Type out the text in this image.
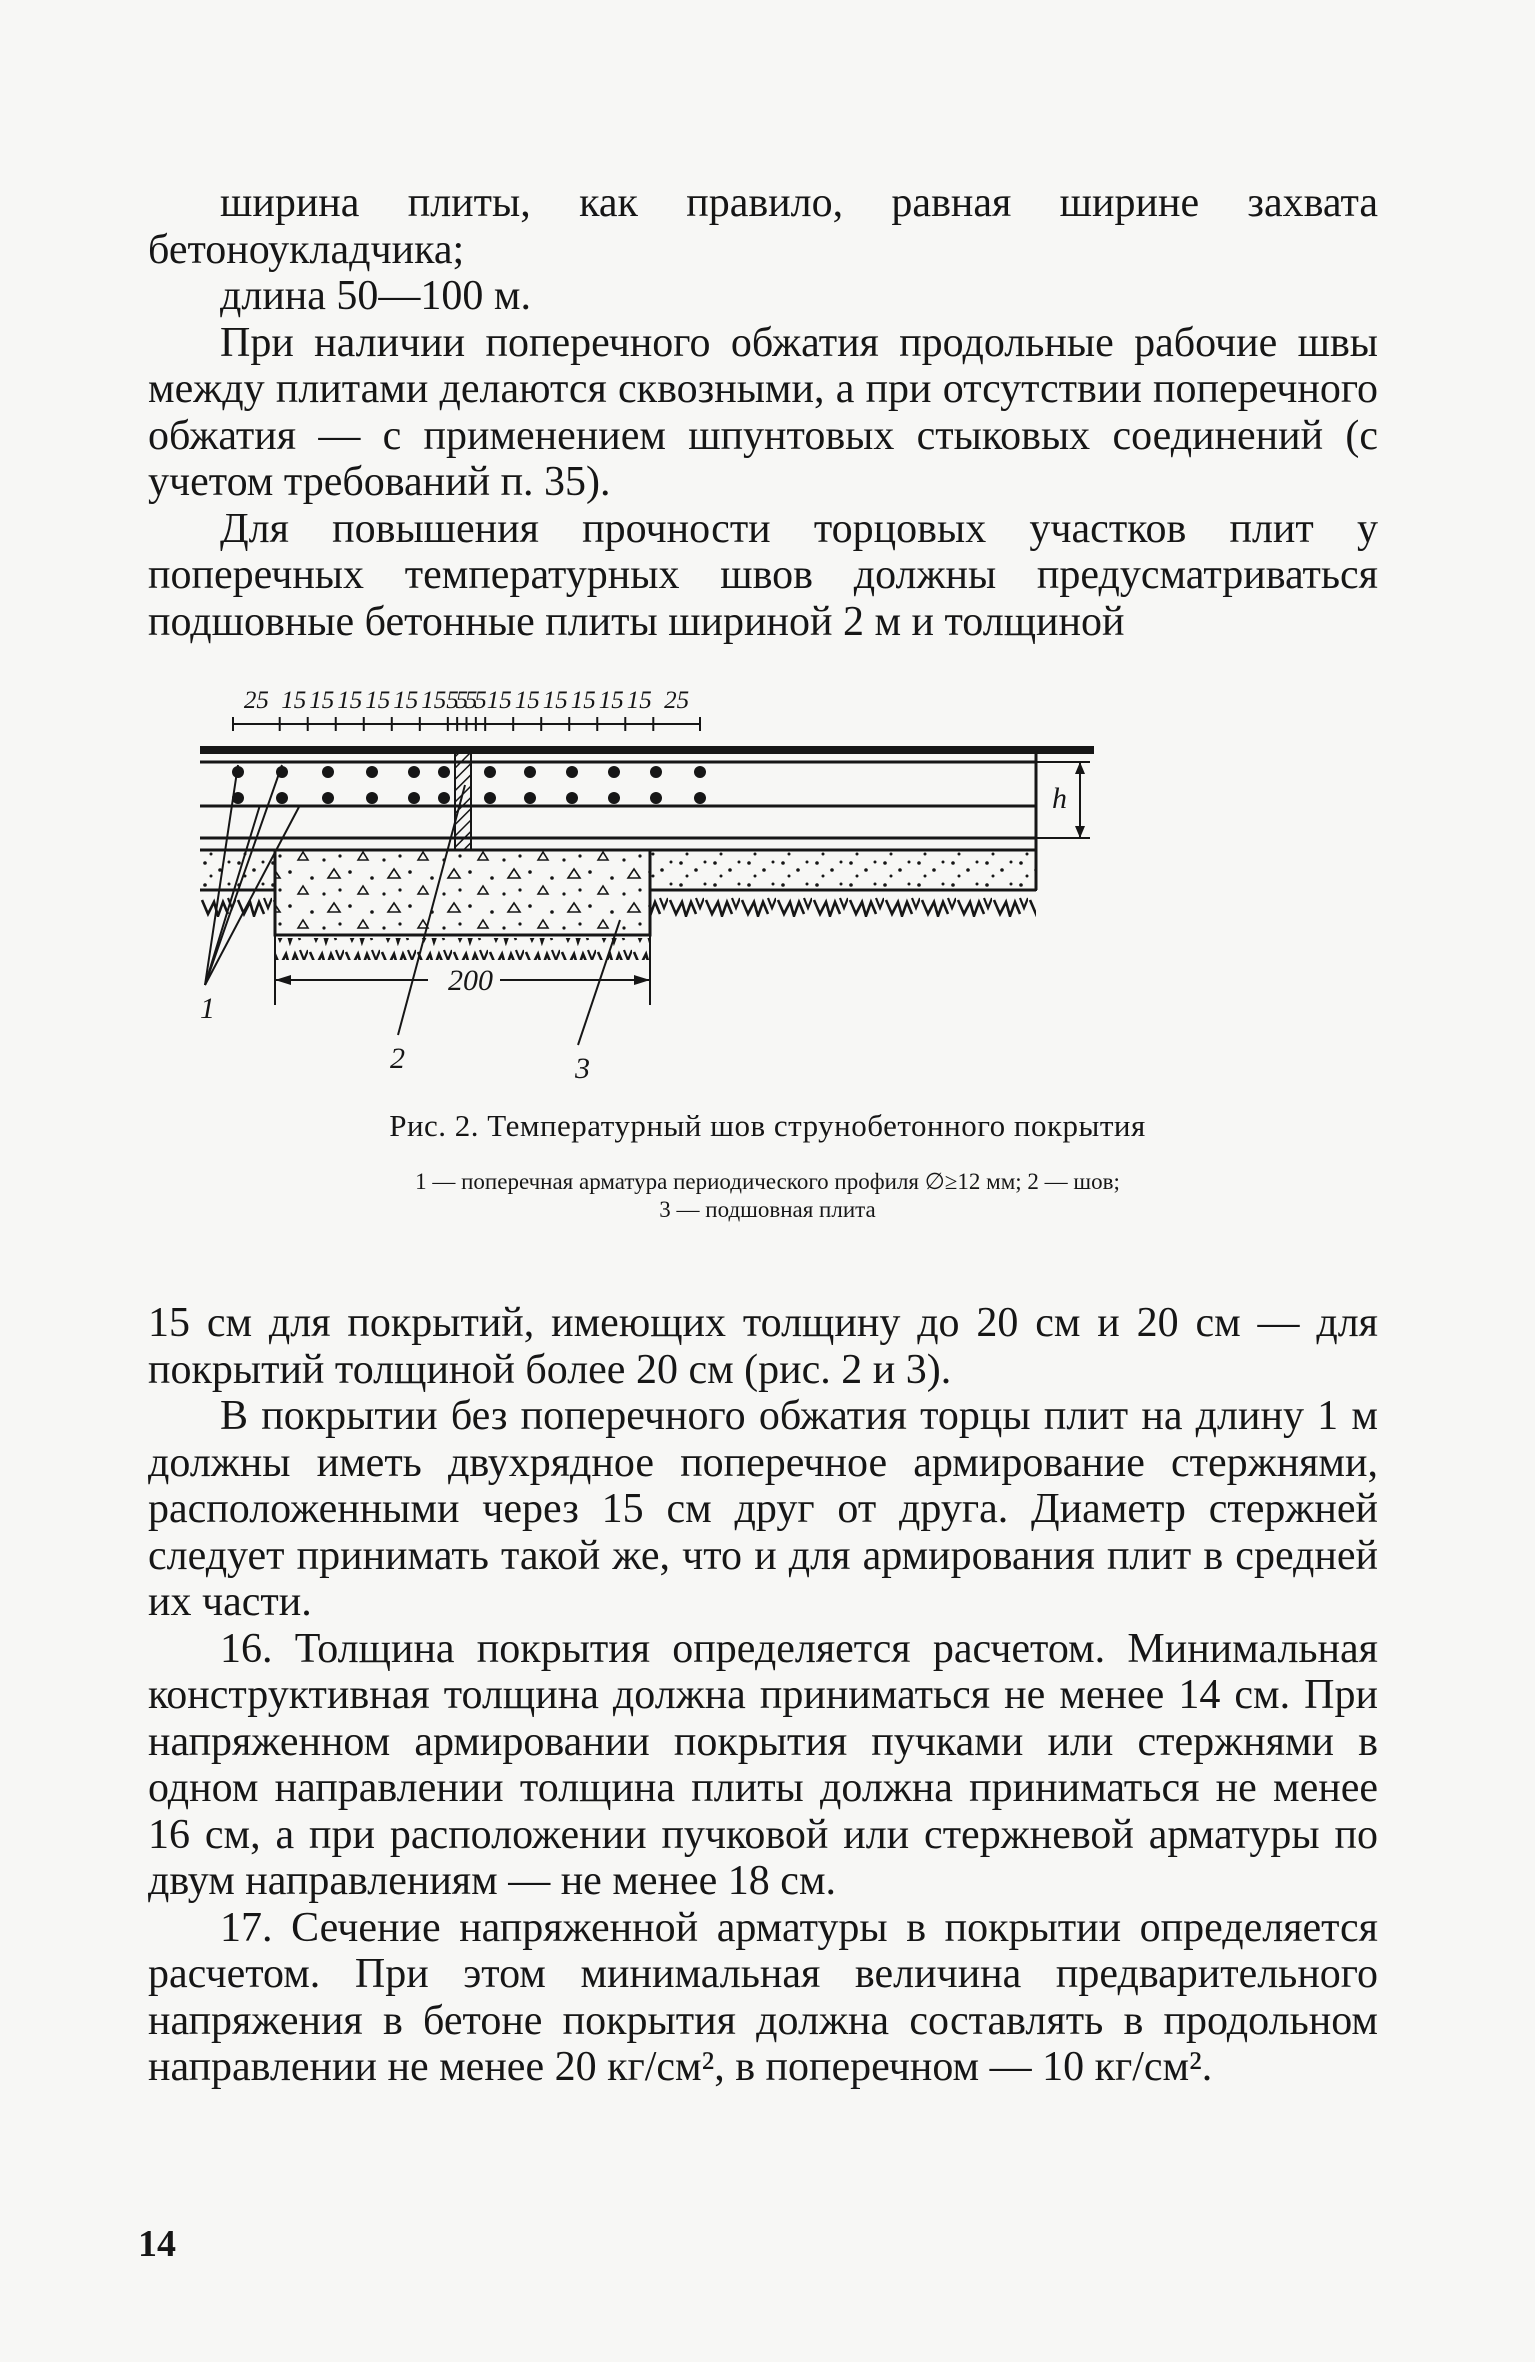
ширина плиты, как правило, равная ширине захвата бетоноукладчика;

длина 50—100 м.

При наличии поперечного обжатия продольные рабочие швы между плитами делаются сквозными, а при отсутствии поперечного обжатия — с применением шпунтовых стыковых соединений (с учетом требований п. 35).

Для повышения прочности торцовых участков плит у поперечных температурных швов должны предусматриваться подшовные бетонные плиты шириной 2 м и толщиной

25 15 15 15 15 15 15 5
5
5
5 15 15 15 15 15 15 25
h
200
1
2	3
Рис. 2. Температурный шов струнобетонного покрытия
1 — поперечная арматура периодического профиля ∅≥12 мм; 2 — шов;
3 — подшовная плита

15 см для покрытий, имеющих толщину до 20 см и 20 см — для покрытий толщиной более 20 см (рис. 2 и 3).

В покрытии без поперечного обжатия торцы плит на длину 1 м должны иметь двухрядное поперечное армирование стержнями, расположенными через 15 см друг от друга. Диаметр стержней следует принимать такой же, что и для армирования плит в средней их части.

16. Толщина покрытия определяется расчетом. Минимальная конструктивная толщина должна приниматься не менее 14 см. При напряженном армировании покрытия пучками или стержнями в одном направлении толщина плиты должна приниматься не менее 16 см, а при расположении пучковой или стержневой арматуры по двум направлениям — не менее 18 см.

17. Сечение напряженной арматуры в покрытии определяется расчетом. При этом минимальная величина предварительного напряжения в бетоне покрытия должна составлять в продольном направлении не менее 20 кг/см², в поперечном — 10 кг/см².

14
